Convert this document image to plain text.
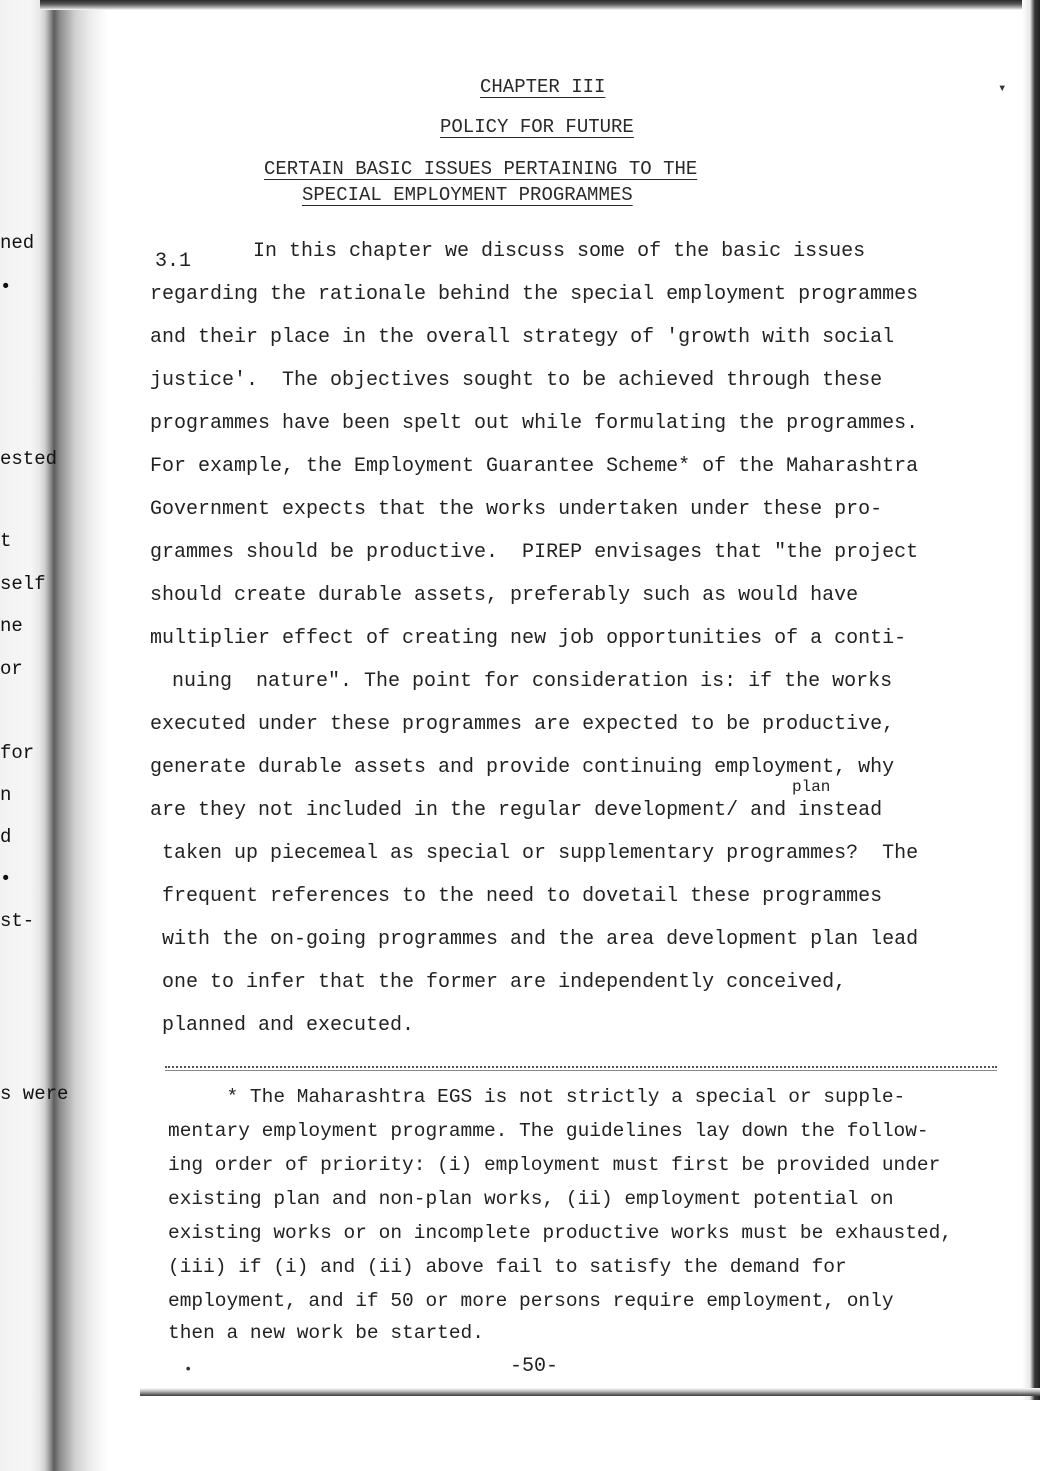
ned
•
ested
t
self
ne
or
for
n
d
•
st-
s were
CHAPTER III
POLICY FOR FUTURE
CERTAIN BASIC ISSUES PERTAINING TO THE
SPECIAL EMPLOYMENT PROGRAMMES
3.1	In this chapter we discuss some of the basic issues
regarding the rationale behind the special employment programmes
and their place in the overall strategy of 'growth with social
justice'.  The objectives sought to be achieved through these
programmes have been spelt out while formulating the programmes.
For example, the Employment Guarantee Scheme* of the Maharashtra
Government expects that the works undertaken under these pro-
grammes should be productive.  PIREP envisages that "the project
should create durable assets, preferably such as would have
multiplier effect of creating new job opportunities of a conti-
nuing  nature". The point for consideration is: if the works
executed under these programmes are expected to be productive,
generate durable assets and provide continuing employment, why
plan
are they not included in the regular development/ and instead
taken up piecemeal as special or supplementary programmes?  The
frequent references to the need to dovetail these programmes
with the on-going programmes and the area development plan lead
one to infer that the former are independently conceived,
planned and executed.
* The Maharashtra EGS is not strictly a special or supple-
mentary employment programme. The guidelines lay down the follow-
ing order of priority: (i) employment must first be provided under
existing plan and non-plan works, (ii) employment potential on
existing works or on incomplete productive works must be exhausted,
(iii) if (i) and (ii) above fail to satisfy the demand for
employment, and if 50 or more persons require employment, only
then a new work be started.
-50-
▾
•
